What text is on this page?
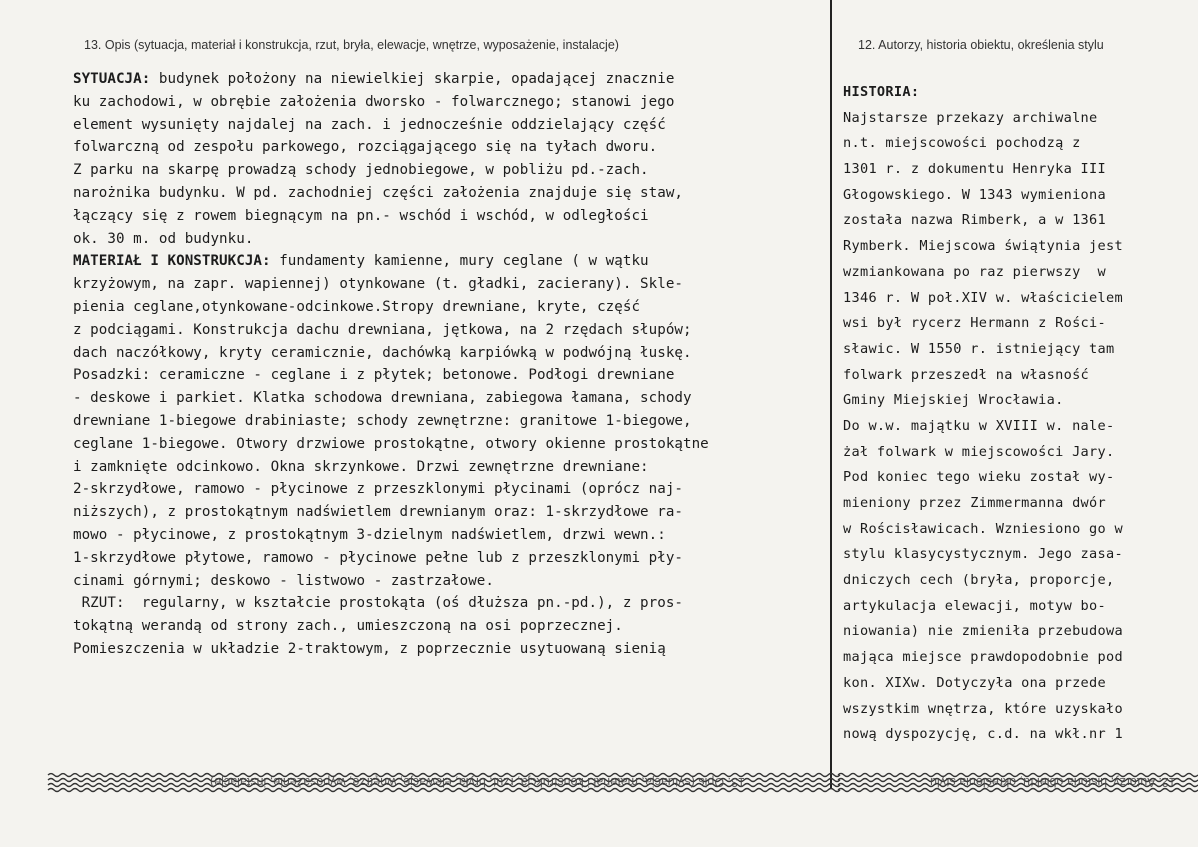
13. Opis (sytuacja, materiał i konstrukcja, rzut, bryła, elewacje, wnętrze, wyposażenie, instalacje)	12. Autorzy, historia obiektu, określenia stylu
SYTUACJA: budynek położony na niewielkiej skarpie, opadającej znacznie
ku zachodowi, w obrębie założenia dworsko - folwarcznego; stanowi jego
element wysunięty najdalej na zach. i jednocześnie oddzielający część
folwarczną od zespołu parkowego, rozciągającego się na tyłach dworu.
Z parku na skarpę prowadzą schody jednobiegowe, w pobliżu pd.-zach.
narożnika budynku. W pd. zachodniej części założenia znajduje się staw,
łączący się z rowem biegnącym na pn.- wschód i wschód, w odległości
ok. 30 m. od budynku.
MATERIAŁ I KONSTRUKCJA: fundamenty kamienne, mury ceglane ( w wątku
krzyżowym, na zapr. wapiennej) otynkowane (t. gładki, zacierany). Skle-
pienia ceglane,otynkowane-odcinkowe.Stropy drewniane, kryte, część
z podciągami. Konstrukcja dachu drewniana, jętkowa, na 2 rzędach słupów;
dach naczółkowy, kryty ceramicznie, dachówką karpiówką w podwójną łuskę.
Posadzki: ceramiczne - ceglane i z płytek; betonowe. Podłogi drewniane
- deskowe i parkiet. Klatka schodowa drewniana, zabiegowa łamana, schody
drewniane 1-biegowe drabiniaste; schody zewnętrzne: granitowe 1-biegowe,
ceglane 1-biegowe. Otwory drzwiowe prostokątne, otwory okienne prostokątne
i zamknięte odcinkowo. Okna skrzynkowe. Drzwi zewnętrzne drewniane:
2-skrzydłowe, ramowo - płycinowe z przeszklonymi płycinami (oprócz naj-
niższych), z prostokątnym nadświetlem drewnianym oraz: 1-skrzydłowe ra-
mowo - płycinowe, z prostokątnym 3-dzielnym nadświetlem, drzwi wewn.:
1-skrzydłowe płytowe, ramowo - płycinowe pełne lub z przeszklonymi pły-
cinami górnymi; deskowo - listwowo - zastrzałowe.
RZUT:  regularny, w kształcie prostokąta (oś dłuższa pn.-pd.), z pros-
tokątną werandą od strony zach., umieszczoną na osi poprzecznej.
Pomieszczenia w układzie 2-traktowym, z poprzecznie usytuowaną sienią
HISTORIA:
Najstarsze przekazy archiwalne
n.t. miejscowości pochodzą z
1301 r. z dokumentu Henryka III
Głogowskiego. W 1343 wymieniona
została nazwa Rimberk, a w 1361
Rymberk. Miejscowa świątynia jest
wzmiankowana po raz pierwszy  w
1346 r. W poł.XIV w. właścicielem
wsi był rycerz Hermann z Rości-
sławic. W 1550 r. istniejący tam
folwark przeszedł na własność
Gminy Miejskiej Wrocławia.
Do w.w. majątku w XVIII w. nale-
żał folwark w miejscowości Jary.
Pod koniec tego wieku został wy-
mieniony przez Zimmermanna dwór
w Rościsławicach. Wzniesiono go w
stylu klasycystycznym. Jego zasa-
dniczych cech (bryła, proporcje,
artykulacja elewacji, motyw bo-
niowania) nie zmieniła przebudowa
mająca miejsce prawdopodobnie pod
kon. XIXw. Dotyczyła ona przede
wszystkim wnętrza, które uzyskało
nową dyspozycję, c.d. na wkł.nr 1
13. Opis (sytuacja, materiał i konstrukcja, rzut, bryła, elewacje, wnętrze, wyposażenie, instalacje)	12. Autorzy, historia obiektu, określenia stylu
